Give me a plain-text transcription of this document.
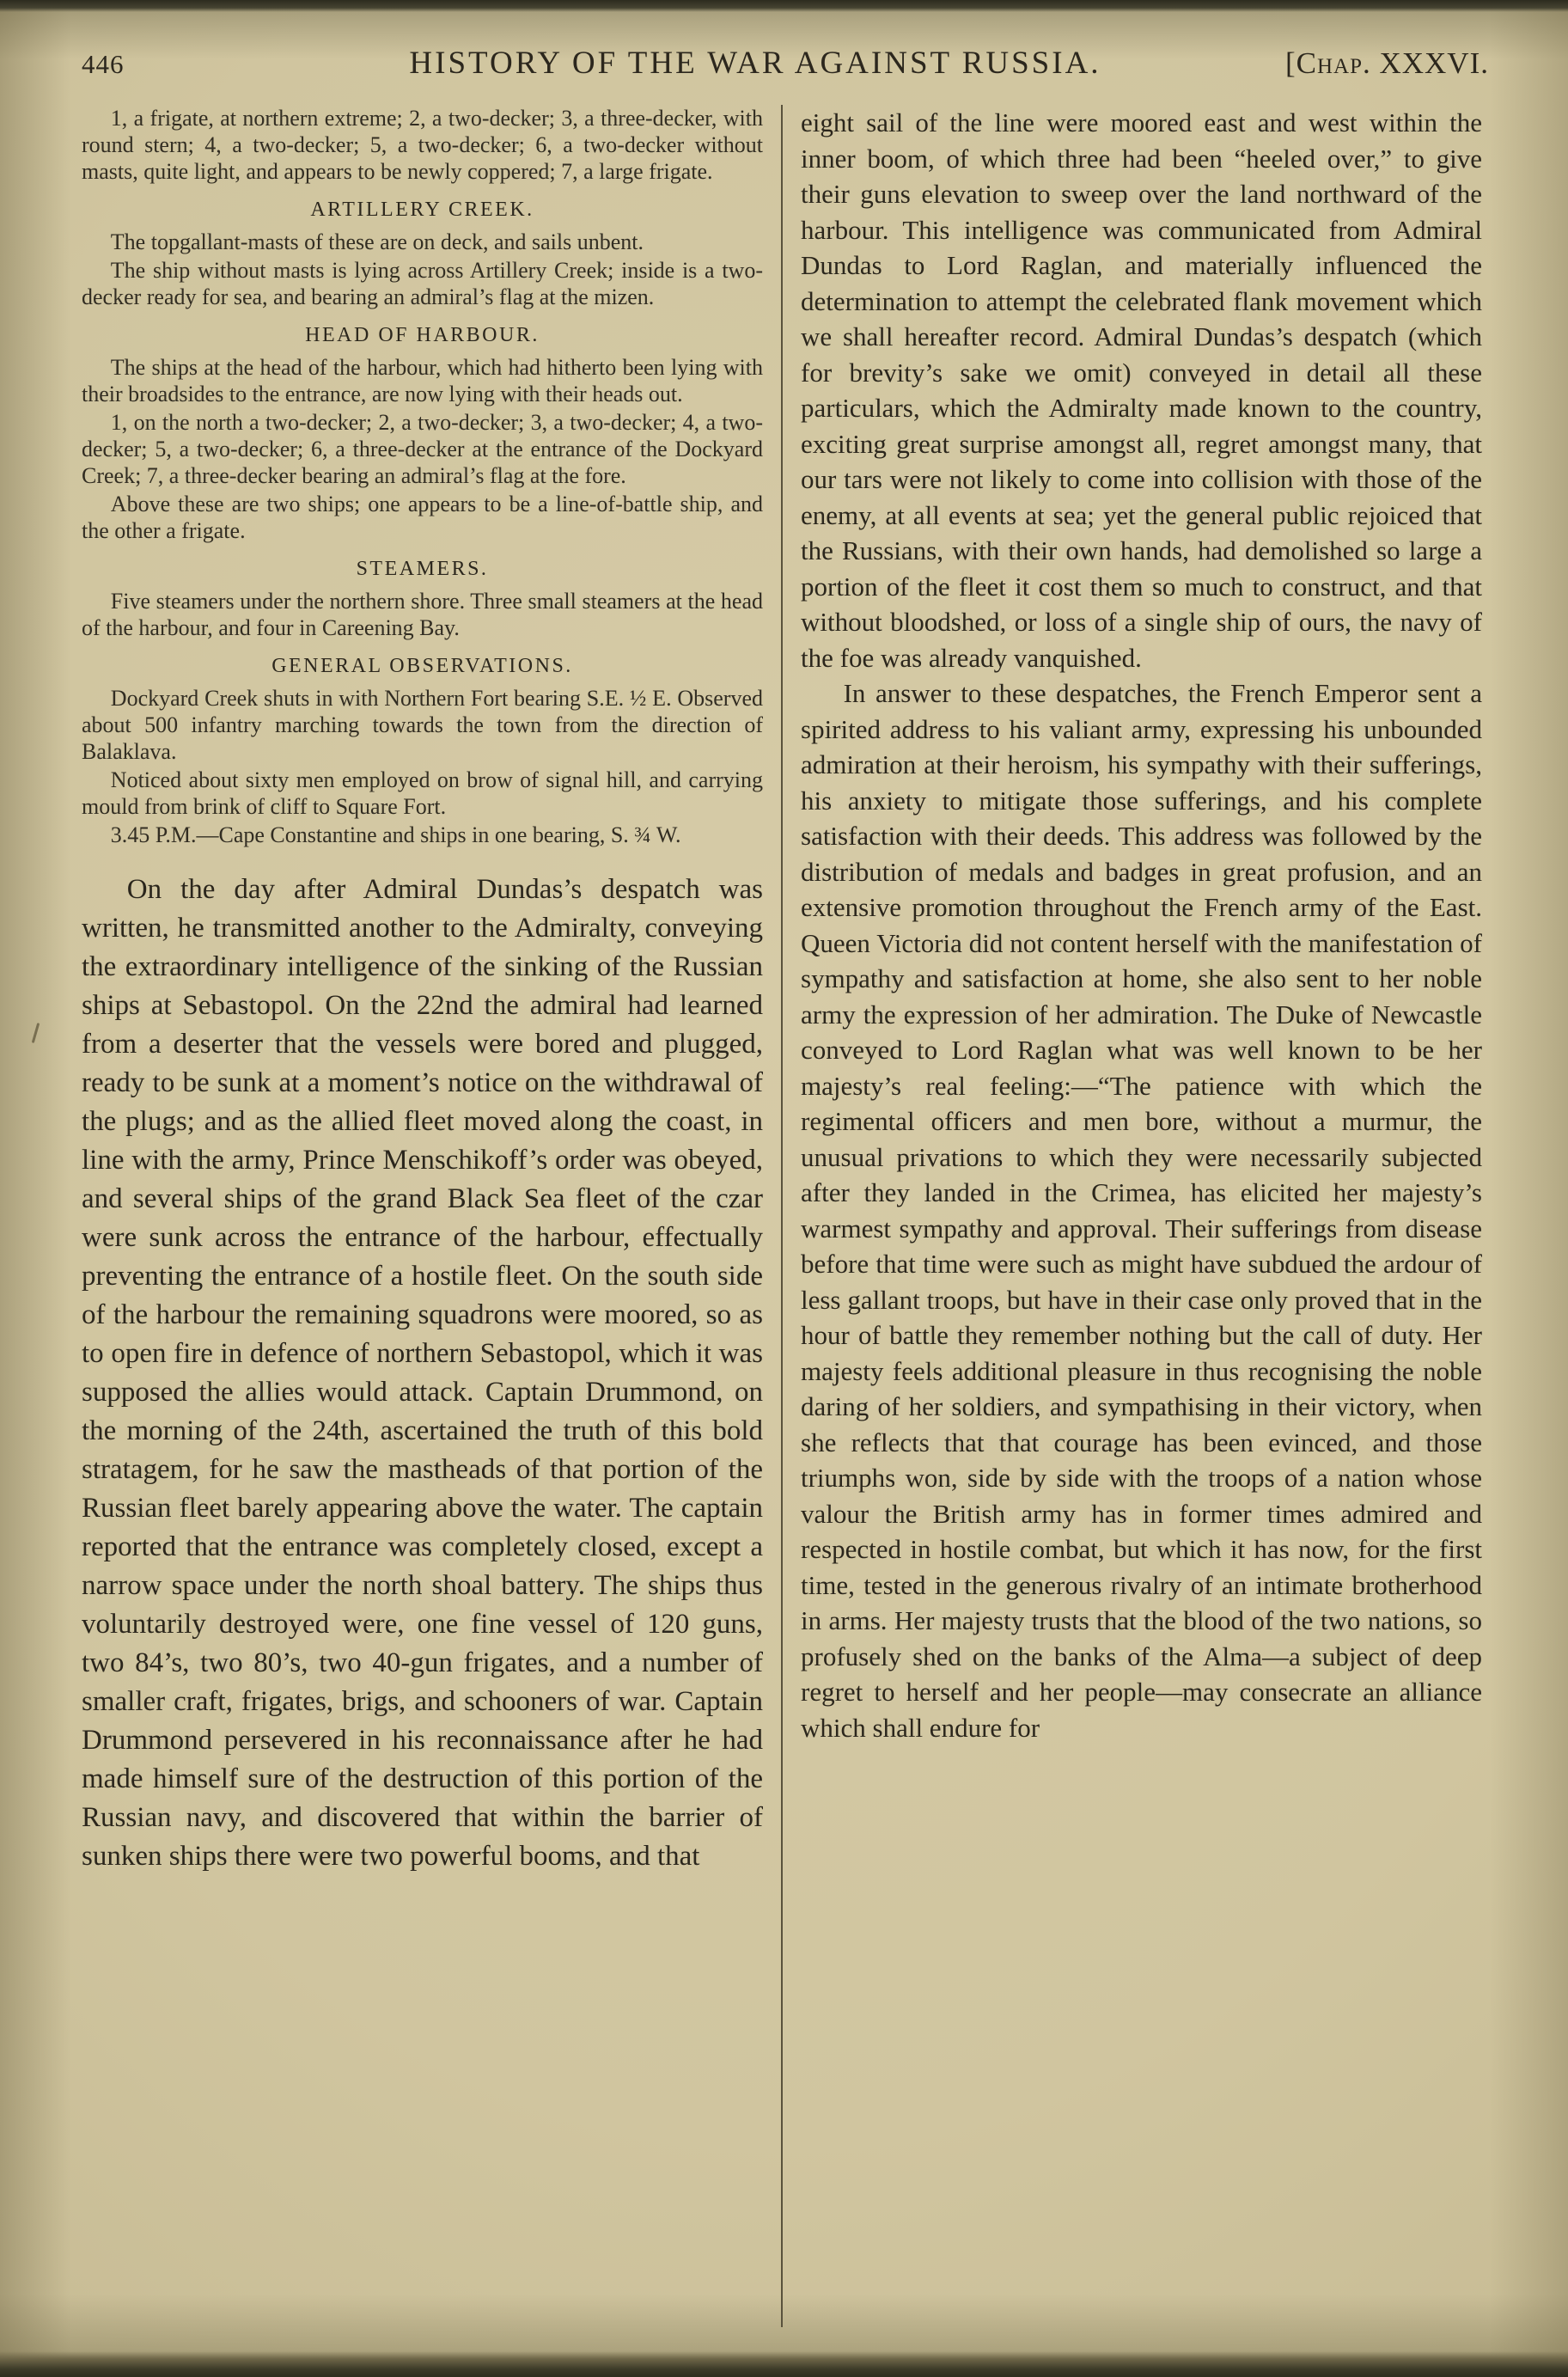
446	HISTORY OF THE WAR AGAINST RUSSIA.	[Chap. XXXVI.

1, a frigate, at northern extreme; 2, a two-decker; 3, a three-decker, with round stern; 4, a two-decker; 5, a two-decker; 6, a two-decker without masts, quite light, and appears to be newly coppered; 7, a large frigate.

ARTILLERY CREEK.

The topgallant-masts of these are on deck, and sails unbent.

The ship without masts is lying across Artillery Creek; inside is a two-decker ready for sea, and bearing an admiral’s flag at the mizen.

HEAD OF HARBOUR.

The ships at the head of the harbour, which had hitherto been lying with their broadsides to the entrance, are now lying with their heads out.

1, on the north a two-decker; 2, a two-decker; 3, a two-decker; 4, a two-decker; 5, a two-decker; 6, a three-decker at the entrance of the Dockyard Creek; 7, a three-decker bearing an admiral’s flag at the fore.

Above these are two ships; one appears to be a line-of-battle ship, and the other a frigate.

STEAMERS.

Five steamers under the northern shore. Three small steamers at the head of the harbour, and four in Careening Bay.

GENERAL OBSERVATIONS.

Dockyard Creek shuts in with Northern Fort bearing S.E. ½ E. Observed about 500 infantry marching towards the town from the direction of Balaklava.

Noticed about sixty men employed on brow of signal hill, and carrying mould from brink of cliff to Square Fort.

3.45 P.M.—Cape Constantine and ships in one bearing, S. ¾ W.

On the day after Admiral Dundas’s despatch was written, he transmitted another to the Admiralty, conveying the extraordinary intelligence of the sinking of the Russian ships at Sebastopol. On the 22nd the admiral had learned from a deserter that the vessels were bored and plugged, ready to be sunk at a moment’s notice on the withdrawal of the plugs; and as the allied fleet moved along the coast, in line with the army, Prince Menschikoff’s order was obeyed, and several ships of the grand Black Sea fleet of the czar were sunk across the entrance of the harbour, effectually preventing the entrance of a hostile fleet. On the south side of the harbour the remaining squadrons were moored, so as to open fire in defence of northern Sebastopol, which it was supposed the allies would attack. Captain Drummond, on the morning of the 24th, ascertained the truth of this bold stratagem, for he saw the mastheads of that portion of the Russian fleet barely appearing above the water. The captain reported that the entrance was completely closed, except a narrow space under the north shoal battery. The ships thus voluntarily destroyed were, one fine vessel of 120 guns, two 84’s, two 80’s, two 40-gun frigates, and a number of smaller craft, frigates, brigs, and schooners of war. Captain Drummond persevered in his reconnaissance after he had made himself sure of the destruction of this portion of the Russian navy, and discovered that within the barrier of sunken ships there were two powerful booms, and that

eight sail of the line were moored east and west within the inner boom, of which three had been “heeled over,” to give their guns elevation to sweep over the land northward of the harbour. This intelligence was communicated from Admiral Dundas to Lord Raglan, and materially influenced the determination to attempt the celebrated flank movement which we shall hereafter record. Admiral Dundas’s despatch (which for brevity’s sake we omit) conveyed in detail all these particulars, which the Admiralty made known to the country, exciting great surprise amongst all, regret amongst many, that our tars were not likely to come into collision with those of the enemy, at all events at sea; yet the general public rejoiced that the Russians, with their own hands, had demolished so large a portion of the fleet it cost them so much to construct, and that without bloodshed, or loss of a single ship of ours, the navy of the foe was already vanquished.

In answer to these despatches, the French Emperor sent a spirited address to his valiant army, expressing his unbounded admiration at their heroism, his sympathy with their sufferings, his anxiety to mitigate those sufferings, and his complete satisfaction with their deeds. This address was followed by the distribution of medals and badges in great profusion, and an extensive promotion throughout the French army of the East. Queen Victoria did not content herself with the manifestation of sympathy and satisfaction at home, she also sent to her noble army the expression of her admiration. The Duke of Newcastle conveyed to Lord Raglan what was well known to be her majesty’s real feeling:—“The patience with which the regimental officers and men bore, without a murmur, the unusual privations to which they were necessarily subjected after they landed in the Crimea, has elicited her majesty’s warmest sympathy and approval. Their sufferings from disease before that time were such as might have subdued the ardour of less gallant troops, but have in their case only proved that in the hour of battle they remember nothing but the call of duty. Her majesty feels additional pleasure in thus recognising the noble daring of her soldiers, and sympathising in their victory, when she reflects that that courage has been evinced, and those triumphs won, side by side with the troops of a nation whose valour the British army has in former times admired and respected in hostile combat, but which it has now, for the first time, tested in the generous rivalry of an intimate brotherhood in arms. Her majesty trusts that the blood of the two nations, so profusely shed on the banks of the Alma—a subject of deep regret to herself and her people—may consecrate an alliance which shall endure for
